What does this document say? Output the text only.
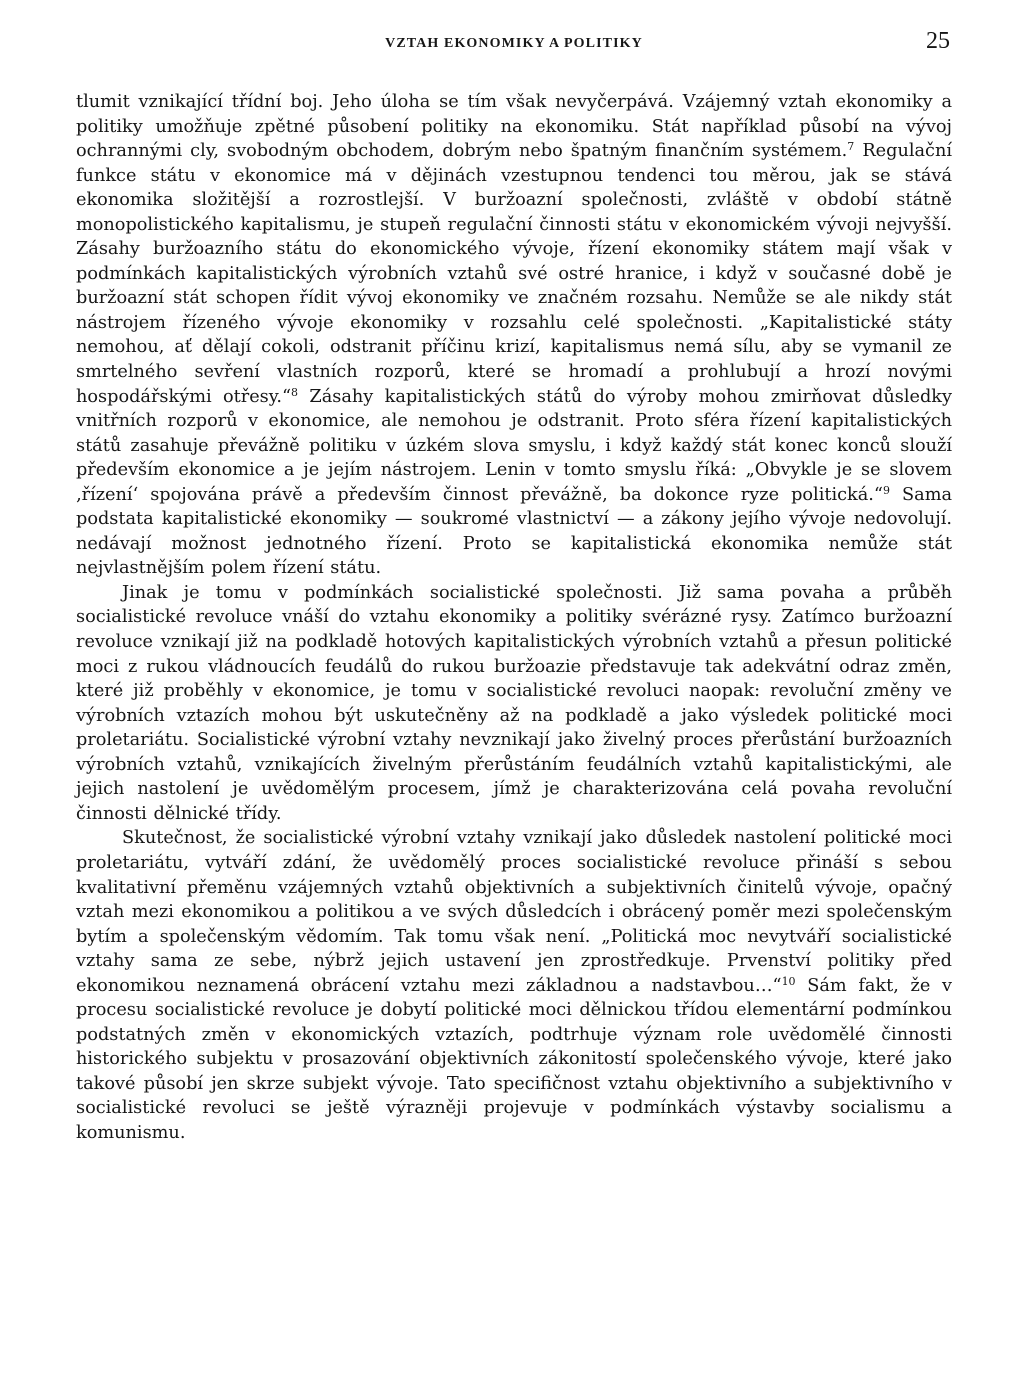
VZTAH EKONOMIKY A POLITIKY	25

tlumit vznikající třídní boj. Jeho úloha se tím však nevyčerpává. Vzájemný vztah ekonomiky a politiky umožňuje zpětné působení politiky na ekonomiku. Stát například působí na vývoj ochrannými cly, svobodným obchodem, dobrým nebo špatným finančním systémem.$^7$ Regulační funkce státu v ekonomice má v dějinách vzestupnou tendenci tou měrou, jak se stává ekonomika složitější a rozrostlejší. V buržoazní společnosti, zvláště v období státně monopolistického kapitalismu, je stupeň regulační činnosti státu v ekonomickém vývoji nejvyšší. Zásahy buržoazního státu do ekonomického vývoje, řízení ekonomiky státem mají však v podmínkách kapitalistických výrobních vztahů své ostré hranice, i když v současné době je buržoazní stát schopen řídit vývoj ekonomiky ve značném rozsahu. Nemůže se ale nikdy stát nástrojem řízeného vývoje ekonomiky v rozsahlu celé společnosti. „Kapitalistické státy nemohou, ať dělají cokoli, odstranit příčinu krizí, kapitalismus nemá sílu, aby se vymanil ze smrtelného sevření vlastních rozporů, které se hromadí a prohlubují a hrozí novými hospodářskými otřesy.“$^8$ Zásahy kapitalistických států do výroby mohou zmirňovat důsledky vnitřních rozporů v ekonomice, ale nemohou je odstranit. Proto sféra řízení kapitalistických států zasahuje převážně politiku v úzkém slova smyslu, i když každý stát konec konců slouží především ekonomice a je jejím nástrojem. Lenin v tomto smyslu říká: „Obvykle je se slovem ‚řízení‘ spojována právě a především činnost převážně, ba dokonce ryze politická.“$^9$ Sama podstata kapitalistické ekonomiky — soukromé vlastnictví — a zákony jejího vývoje nedovolují. nedávají možnost jednotného řízení. Proto se kapitalistická ekonomika nemůže stát nejvlastnějším polem řízení státu.

Jinak je tomu v podmínkách socialistické společnosti. Již sama povaha a průběh socialistické revoluce vnáší do vztahu ekonomiky a politiky svérázné rysy. Zatímco buržoazní revoluce vznikají již na podkladě hotových kapitalistických výrobních vztahů a přesun politické moci z rukou vládnoucích feudálů do rukou buržoazie představuje tak adekvátní odraz změn, které již proběhly v ekonomice, je tomu v socialistické revoluci naopak: revoluční změny ve výrobních vztazích mohou být uskutečněny až na podkladě a jako výsledek politické moci proletariátu. Socialistické výrobní vztahy nevznikají jako živelný proces přerůstání buržoazních výrobních vztahů, vznikajících živelným přerůstáním feudálních vztahů kapitalistickými, ale jejich nastolení je uvědomělým procesem, jímž je charakterizována celá povaha revoluční činnosti dělnické třídy.

Skutečnost, že socialistické výrobní vztahy vznikají jako důsledek nastolení politické moci proletariátu, vytváří zdání, že uvědomělý proces socialistické revoluce přináší s sebou kvalitativní přeměnu vzájemných vztahů objektivních a subjektivních činitelů vývoje, opačný vztah mezi ekonomikou a politikou a ve svých důsledcích i obrácený poměr mezi společenským bytím a společenským vědomím. Tak tomu však není. „Politická moc nevytváří socialistické vztahy sama ze sebe, nýbrž jejich ustavení jen zprostředkuje. Prvenství politiky před ekonomikou neznamená obrácení vztahu mezi základnou a nadstavbou…“$^{10}$ Sám fakt, že v procesu socialistické revoluce je dobytí politické moci dělnickou třídou elementární podmínkou podstatných změn v ekonomických vztazích, podtrhuje význam role uvědomělé činnosti historického subjektu v prosazování objektivních zákonitostí společenského vývoje, které jako takové působí jen skrze subjekt vývoje. Tato specifičnost vztahu objektivního a subjektivního v socialistické revoluci se ještě výrazněji projevuje v podmínkách výstavby socialismu a komunismu.
